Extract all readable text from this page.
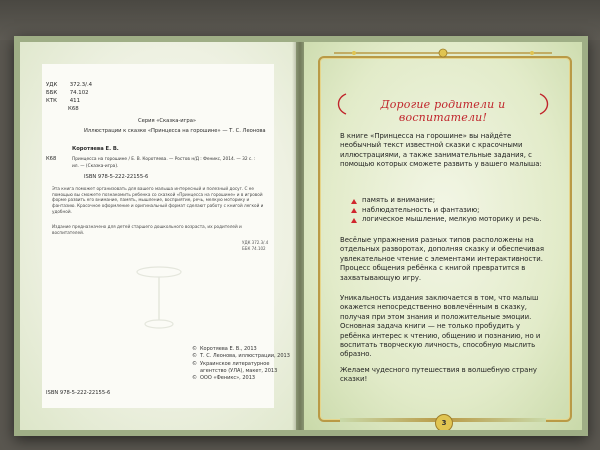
УДК 372.3/.4
ББК 74.102
КТК 411
К68
Серия «Сказка-игра»
Иллюстрации к сказке «Принцесса на горошине» — Т. С. Леонова
Коротяева Е. В.
К68	Принцесса на горошине / Е. В. Коротяева. — Ростов н/Д : Феникс, 2014. — 32 с. :
ил. — (Сказка-игра).
ISBN 978-5-222-22155-6

Эта книга поможет организовать для вашего малыша интересный и полезный досуг. С ее помощью вы сможете познакомить ребенка со сказкой «Принцесса на горошине» и в игровой форме развить его внимание, память, мышление, восприятие, речь, мелкую моторику и фантазию. Красочное оформление и оригинальный формат сделают работу с книгой легкой и удобной.

Издание предназначено для детей старшего дошкольного возраста, их родителей и воспитателей.

УДК 372.3/.4
ББК 74.102
ISBN 978-5-222-22155-6
© Коротяева Е. В., 2013
© Т. С. Леонова, иллюстрации, 2013
© Украинское литературное агентство (УЛА), макет, 2013
© ООО «Феникс», 2013
Дорогие родители и воспитатели!

В книге «Принцесса на горошине» вы найдёте необычный текст известной сказки с красочными иллюстрациями, а также занимательные задания, с помощью которых сможете развить у вашего малыша:

память и внимание;
наблюдательность и фантазию;
логическое мышление, мелкую моторику и речь.

Весёлые упражнения разных типов расположены на отдельных разворотах, дополняя сказку и обеспечивая увлекательное чтение с элементами интерактивности. Процесс общения ребёнка с книгой превратится в захватывающую игру.

Уникальность издания заключается в том, что малыш окажется непосредственно вовлечённым в сказку, получая при этом знания и положительные эмоции. Основная задача книги — не только пробудить у ребёнка интерес к чтению, общению и познанию, но и воспитать творческую личность, способную мыслить образно.

Желаем чудесного путешествия в волшебную страну сказки!

3
